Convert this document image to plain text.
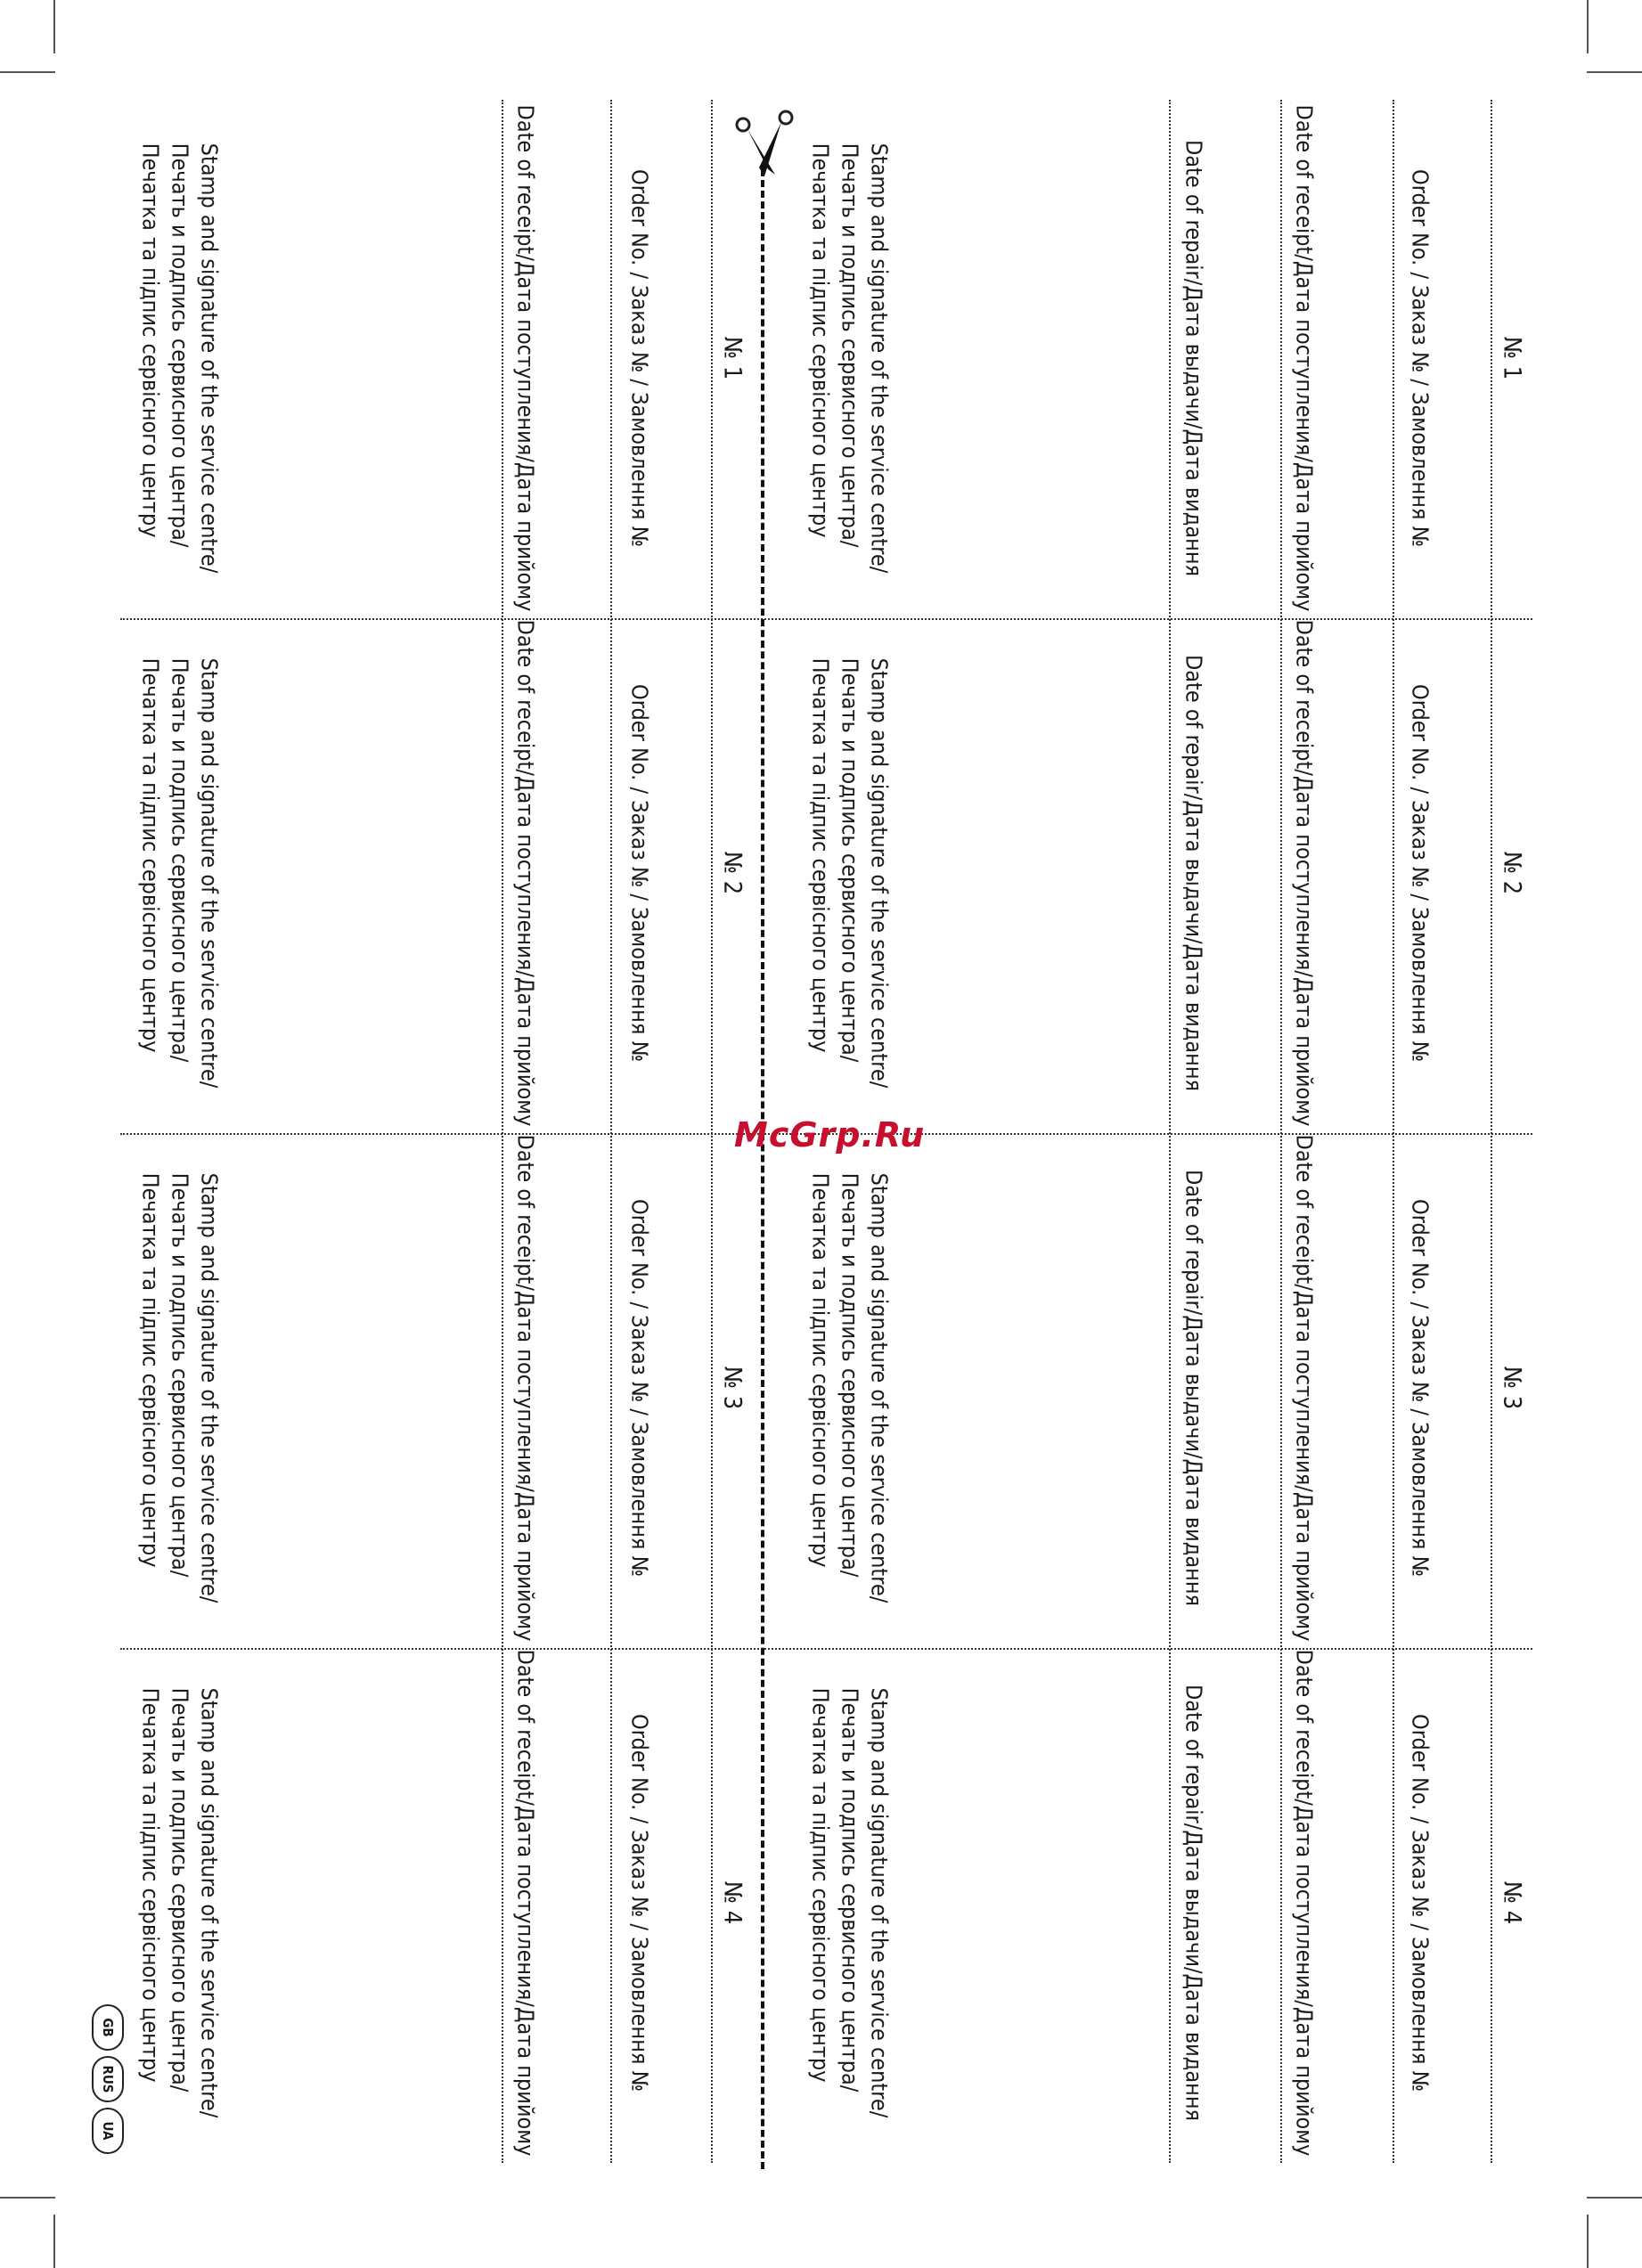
№ 1
Order No. / Заказ № / Замовлення №
Date of receipt/Дата поступления/Дата прийому
Date of repair/Дата выдачи/Дата видання
Stamp and signature of the service centre/
Печать и подпись сервисного центра/
Печатка та підпис сервісного центру
№ 2
Order No. / Заказ № / Замовлення №
Date of receipt/Дата поступления/Дата прийому
Date of repair/Дата выдачи/Дата видання
Stamp and signature of the service centre/
Печать и подпись сервисного центра/
Печатка та підпис сервісного центру
№ 3
Order No. / Заказ № / Замовлення №
Date of receipt/Дата поступления/Дата прийому
Date of repair/Дата выдачи/Дата видання
Stamp and signature of the service centre/
Печать и подпись сервисного центра/
Печатка та підпис сервісного центру
№ 4
Order No. / Заказ № / Замовлення №
Date of receipt/Дата поступления/Дата прийому
Date of repair/Дата выдачи/Дата видання
Stamp and signature of the service centre/
Печать и подпись сервисного центра/
Печатка та підпис сервісного центру
№ 1
Order No. / Заказ № / Замовлення №
Date of receipt/Дата поступления/Дата прийому
Stamp and signature of the service centre/
Печать и подпись сервисного центра/
Печатка та підпис сервісного центру
№ 2
Order No. / Заказ № / Замовлення №
Date of receipt/Дата поступления/Дата прийому
Stamp and signature of the service centre/
Печать и подпись сервисного центра/
Печатка та підпис сервісного центру
№ 3
Order No. / Заказ № / Замовлення №
Date of receipt/Дата поступления/Дата прийому
Stamp and signature of the service centre/
Печать и подпись сервисного центра/
Печатка та підпис сервісного центру
№ 4
Order No. / Заказ № / Замовлення №
Date of receipt/Дата поступления/Дата прийому
Stamp and signature of the service centre/
Печать и подпись сервисного центра/
Печатка та підпис сервісного центру
McGrp.Ru
GB
RUS
UA
